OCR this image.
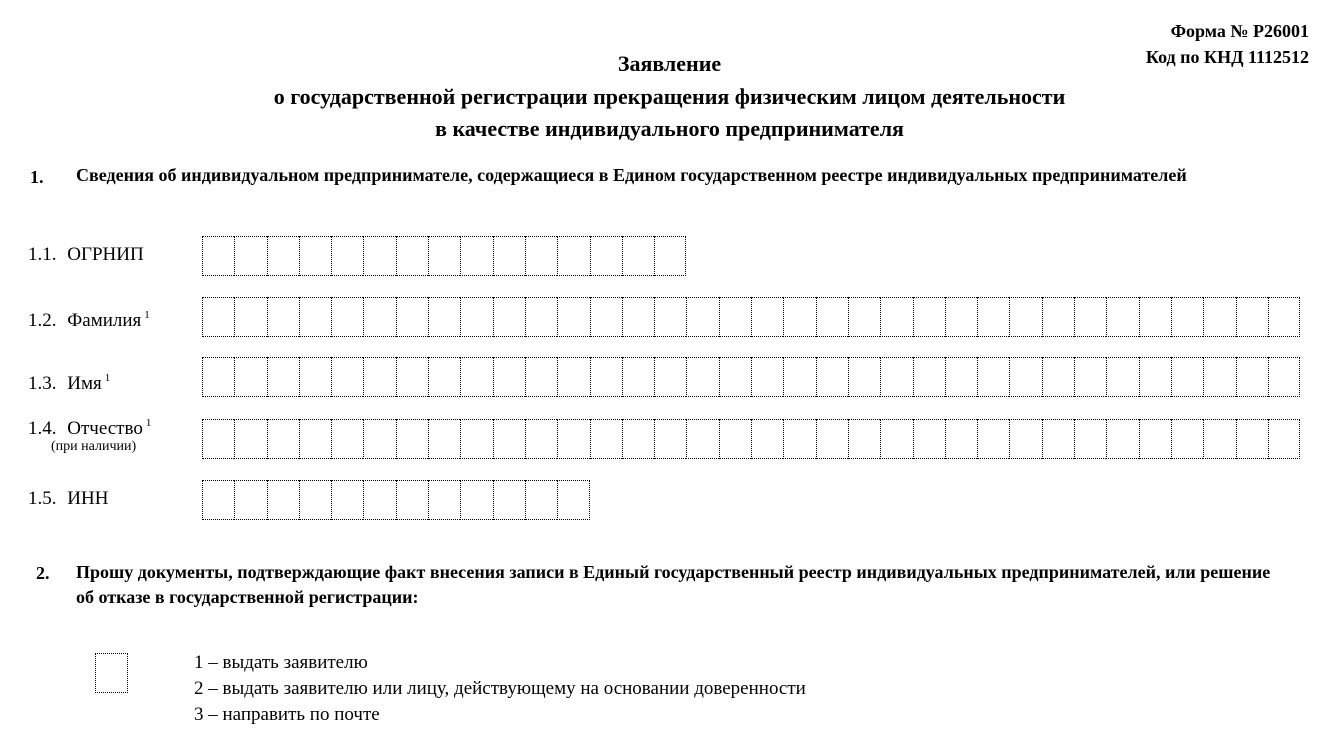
Форма № Р26001
Код по КНД 1112512
Заявление
о государственной регистрации прекращения физическим лицом деятельности
в качестве индивидуального предпринимателя
1. Сведения об индивидуальном предпринимателе, содержащиеся в Едином государственном реестре индивидуальных предпринимателей
1.1. ОГРНИП
1.2. Фамилия $^1$
1.3. Имя $^1$
1.4. Отчество $^1$
(при наличии)
1.5. ИНН
2. Прошу документы, подтверждающие факт внесения записи в Единый государственный реестр индивидуальных предпринимателей, или решение об отказе в государственной регистрации:
1 – выдать заявителю
2 – выдать заявителю или лицу, действующему на основании доверенности
3 – направить по почте
